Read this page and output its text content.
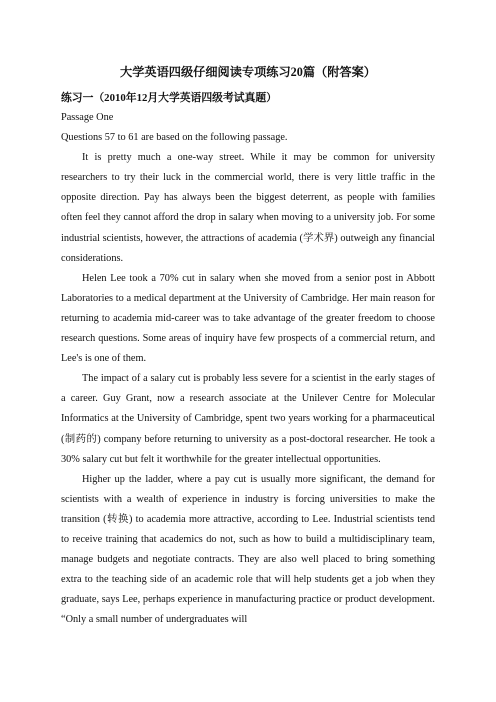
大学英语四级仔细阅读专项练习20篇（附答案）
练习一（2010年12月大学英语四级考试真题）
Passage One
Questions 57 to 61 are based on the following passage.

It is pretty much a one-way street. While it may be common for university researchers to try their luck in the commercial world, there is very little traffic in the opposite direction. Pay has always been the biggest deterrent, as people with families often feel they cannot afford the drop in salary when moving to a university job. For some industrial scientists, however, the attractions of academia (学术界) outweigh any financial considerations.

Helen Lee took a 70% cut in salary when she moved from a senior post in Abbott Laboratories to a medical department at the University of Cambridge. Her main reason for returning to academia mid-career was to take advantage of the greater freedom to choose research questions. Some areas of inquiry have few prospects of a commercial return, and Lee's is one of them.

The impact of a salary cut is probably less severe for a scientist in the early stages of a career. Guy Grant, now a research associate at the Unilever Centre for Molecular Informatics at the University of Cambridge, spent two years working for a pharmaceutical (制药的) company before returning to university as a post-doctoral researcher. He took a 30% salary cut but felt it worthwhile for the greater intellectual opportunities.

Higher up the ladder, where a pay cut is usually more significant, the demand for scientists with a wealth of experience in industry is forcing universities to make the transition (转换) to academia more attractive, according to Lee. Industrial scientists tend to receive training that academics do not, such as how to build a multidisciplinary team, manage budgets and negotiate contracts. They are also well placed to bring something extra to the teaching side of an academic role that will help students get a job when they graduate, says Lee, perhaps experience in manufacturing practice or product development. “Only a small number of undergraduates will
